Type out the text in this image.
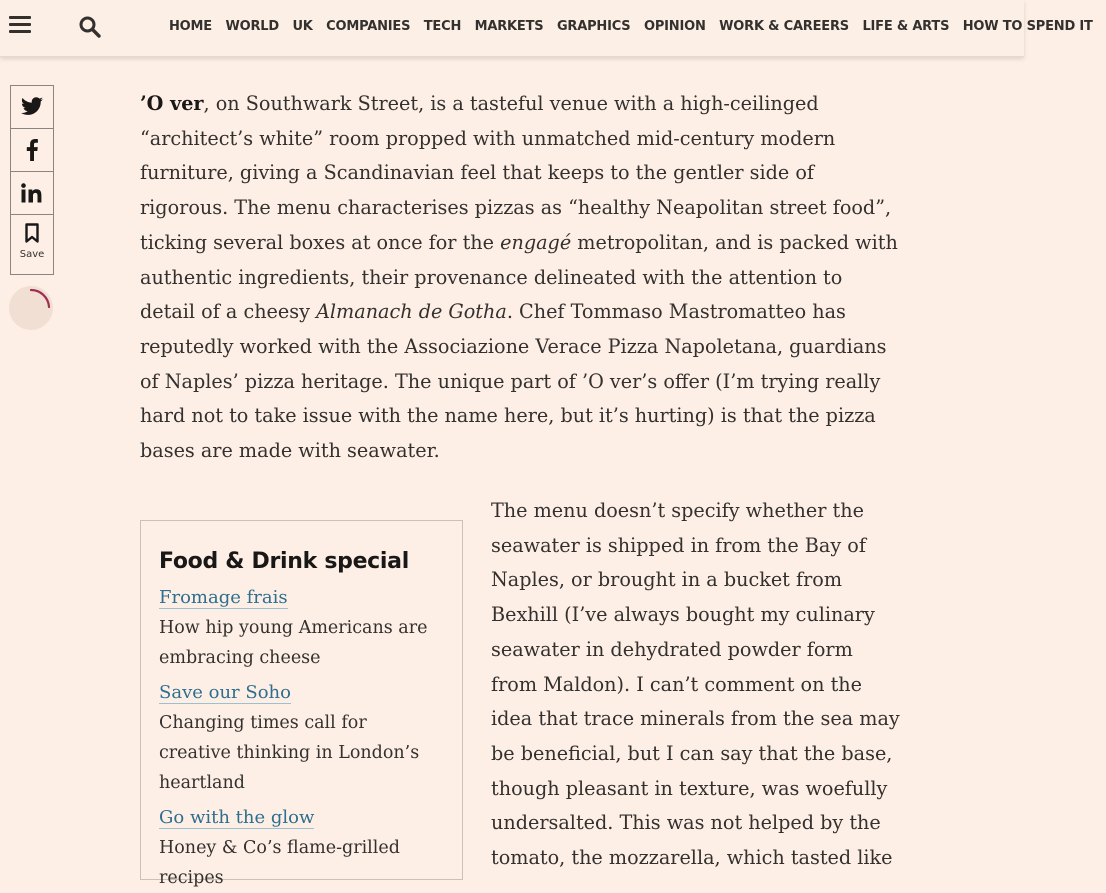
HOME WORLD UK COMPANIES TECH MARKETS GRAPHICS OPINION WORK & CAREERS LIFE & ARTS HOW TO SPEND IT
Save

’O ver, on Southwark Street, is a tasteful venue with a high-ceilinged “architect’s white” room propped with unmatched mid-century modern furniture, giving a Scandinavian feel that keeps to the gentler side of rigorous. The menu characterises pizzas as “healthy Neapolitan street food”, ticking several boxes at once for the engagé metropolitan, and is packed with authentic ingredients, their provenance delineated with the attention to detail of a cheesy Almanach de Gotha. Chef Tommaso Mastromatteo has reputedly worked with the Associazione Verace Pizza Napoletana, guardians of Naples’ pizza heritage. The unique part of ’O ver’s offer (I’m trying really hard not to take issue with the name here, but it’s hurting) is that the pizza bases are made with seawater.

Food & Drink special
Fromage frais
How hip young Americans are embracing cheese
Save our Soho
Changing times call for creative thinking in London’s heartland
Go with the glow
Honey & Co’s flame-grilled recipes

The menu doesn’t specify whether the seawater is shipped in from the Bay of Naples, or brought in a bucket from Bexhill (I’ve always bought my culinary seawater in dehydrated powder form from Maldon). I can’t comment on the idea that trace minerals from the sea may be beneficial, but I can say that the base, though pleasant in texture, was woefully undersalted. This was not helped by the tomato, the mozzarella, which tasted like
